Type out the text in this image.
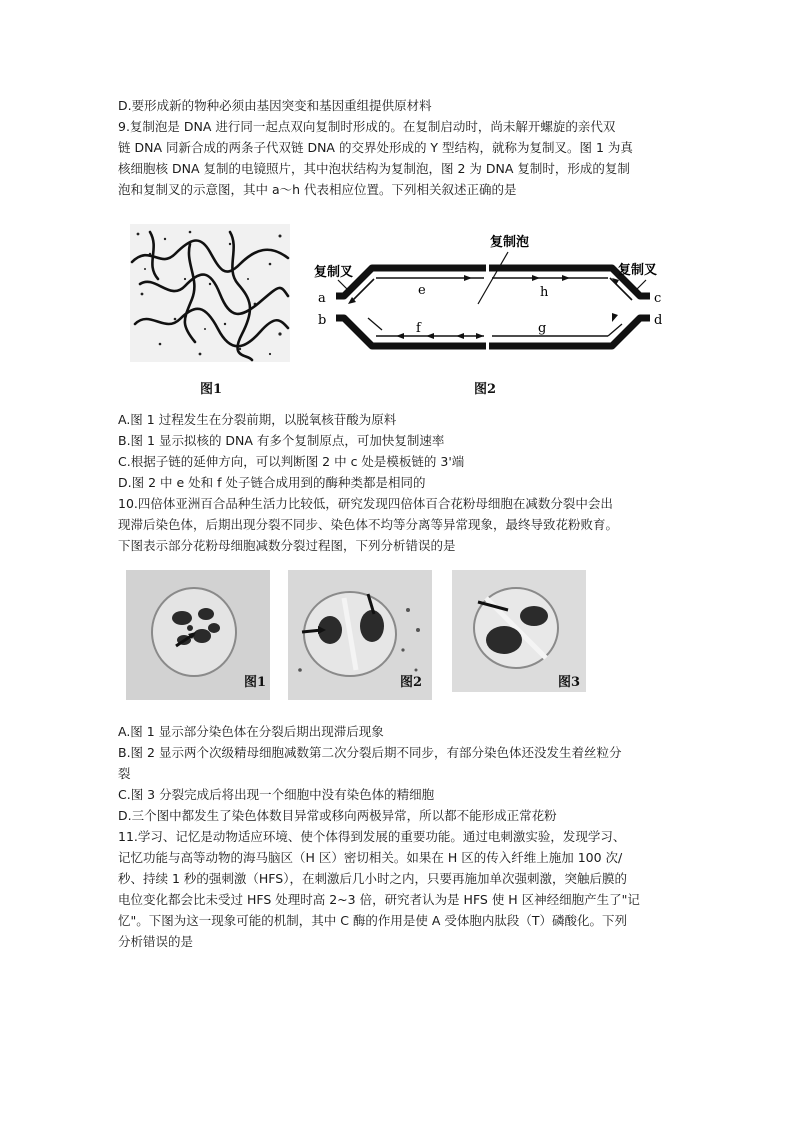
D.要形成新的物种必须由基因突变和基因重组提供原材料
9.复制泡是 DNA 进行同一起点双向复制时形成的。在复制启动时，尚未解开螺旋的亲代双
链 DNA 同新合成的两条子代双链 DNA 的交界处形成的 Y 型结构，就称为复制叉。图 1 为真
核细胞核 DNA 复制的电镜照片，其中泡状结构为复制泡，图 2 为 DNA 复制时，形成的复制
泡和复制叉的示意图，其中 a～h 代表相应位置。下列相关叙述正确的是
图1
复制泡
复制叉	复制叉
a
b
c
d
e
f	g
h
图2
A.图 1 过程发生在分裂前期，以脱氧核苷酸为原料
B.图 1 显示拟核的 DNA 有多个复制原点，可加快复制速率
C.根据子链的延伸方向，可以判断图 2 中 c 处是模板链的 3'端
D.图 2 中 e 处和 f 处子链合成用到的酶种类都是相同的
10.四倍体亚洲百合品种生活力比较低，研究发现四倍体百合花粉母细胞在减数分裂中会出
现滞后染色体，后期出现分裂不同步、染色体不均等分离等异常现象，最终导致花粉败育。
下图表示部分花粉母细胞减数分裂过程图，下列分析错误的是
图1	图2	图3
A.图 1 显示部分染色体在分裂后期出现滞后现象
B.图 2 显示两个次级精母细胞减数第二次分裂后期不同步，有部分染色体还没发生着丝粒分
裂
C.图 3 分裂完成后将出现一个细胞中没有染色体的精细胞
D.三个图中都发生了染色体数目异常或移向两极异常，所以都不能形成正常花粉
11.学习、记忆是动物适应环境、使个体得到发展的重要功能。通过电刺激实验，发现学习、
记忆功能与高等动物的海马脑区（H 区）密切相关。如果在 H 区的传入纤维上施加 100 次/
秒、持续 1 秒的强刺激（HFS），在刺激后几小时之内，只要再施加单次强刺激，突触后膜的
电位变化都会比未受过 HFS 处理时高 2~3 倍，研究者认为是 HFS 使 H 区神经细胞产生了"记
忆"。下图为这一现象可能的机制，其中 C 酶的作用是使 A 受体胞内肽段（T）磷酸化。下列
分析错误的是
